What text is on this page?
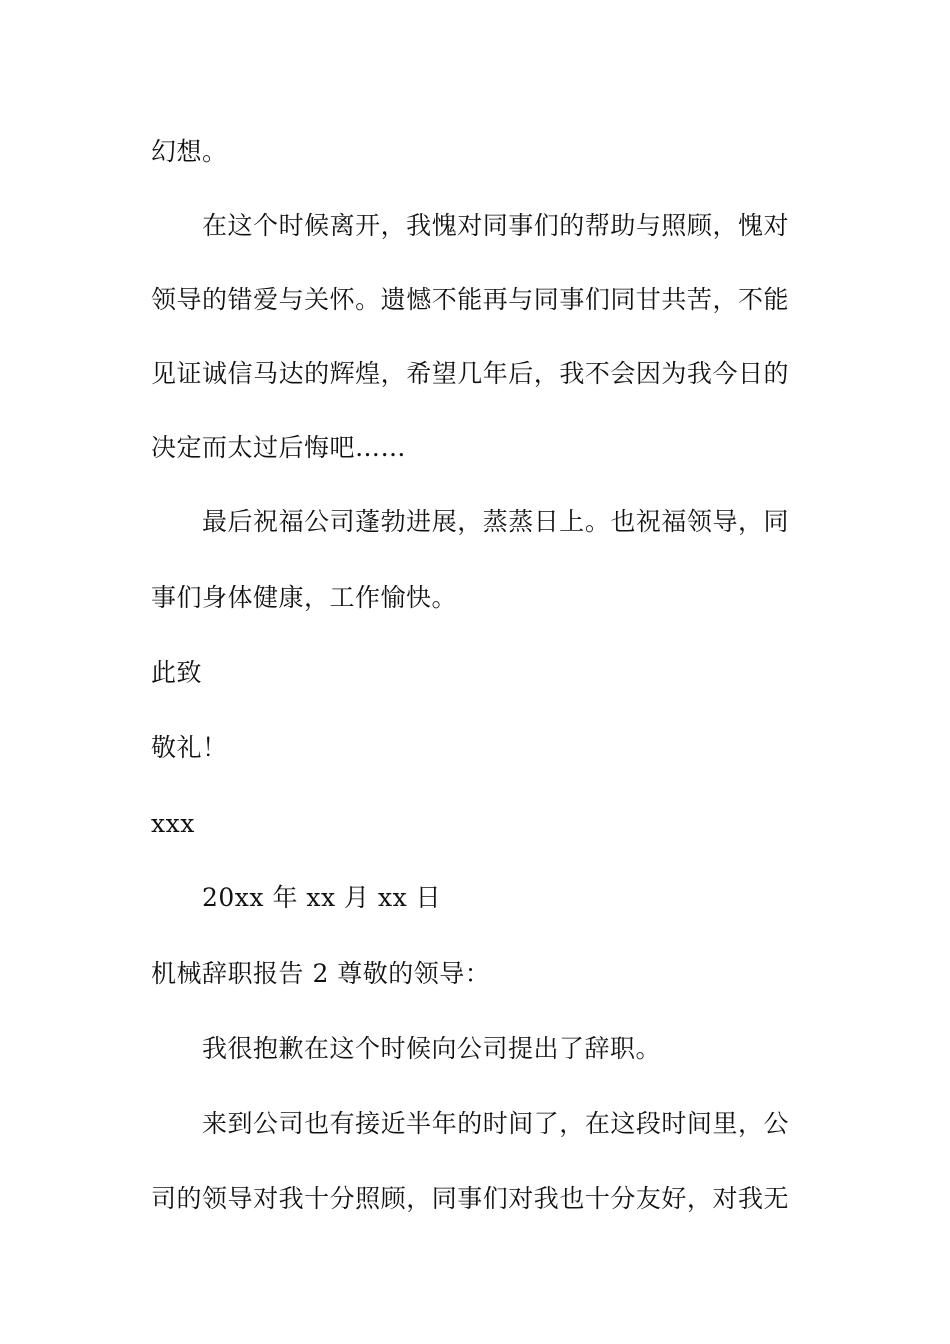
幻想。
在这个时候离开，我愧对同事们的帮助与照顾，愧对
领导的错爱与关怀。遗憾不能再与同事们同甘共苦，不能
见证诚信马达的辉煌，希望几年后，我不会因为我今日的
决定而太过后悔吧……
最后祝福公司蓬勃进展，蒸蒸日上。也祝福领导，同
事们身体健康，工作愉快。
此致
敬礼！
xxx
20xx 年 xx 月 xx 日
机械辞职报告 2 尊敬的领导：
我很抱歉在这个时候向公司提出了辞职。
来到公司也有接近半年的时间了，在这段时间里，公
司的领导对我十分照顾，同事们对我也十分友好，对我无
